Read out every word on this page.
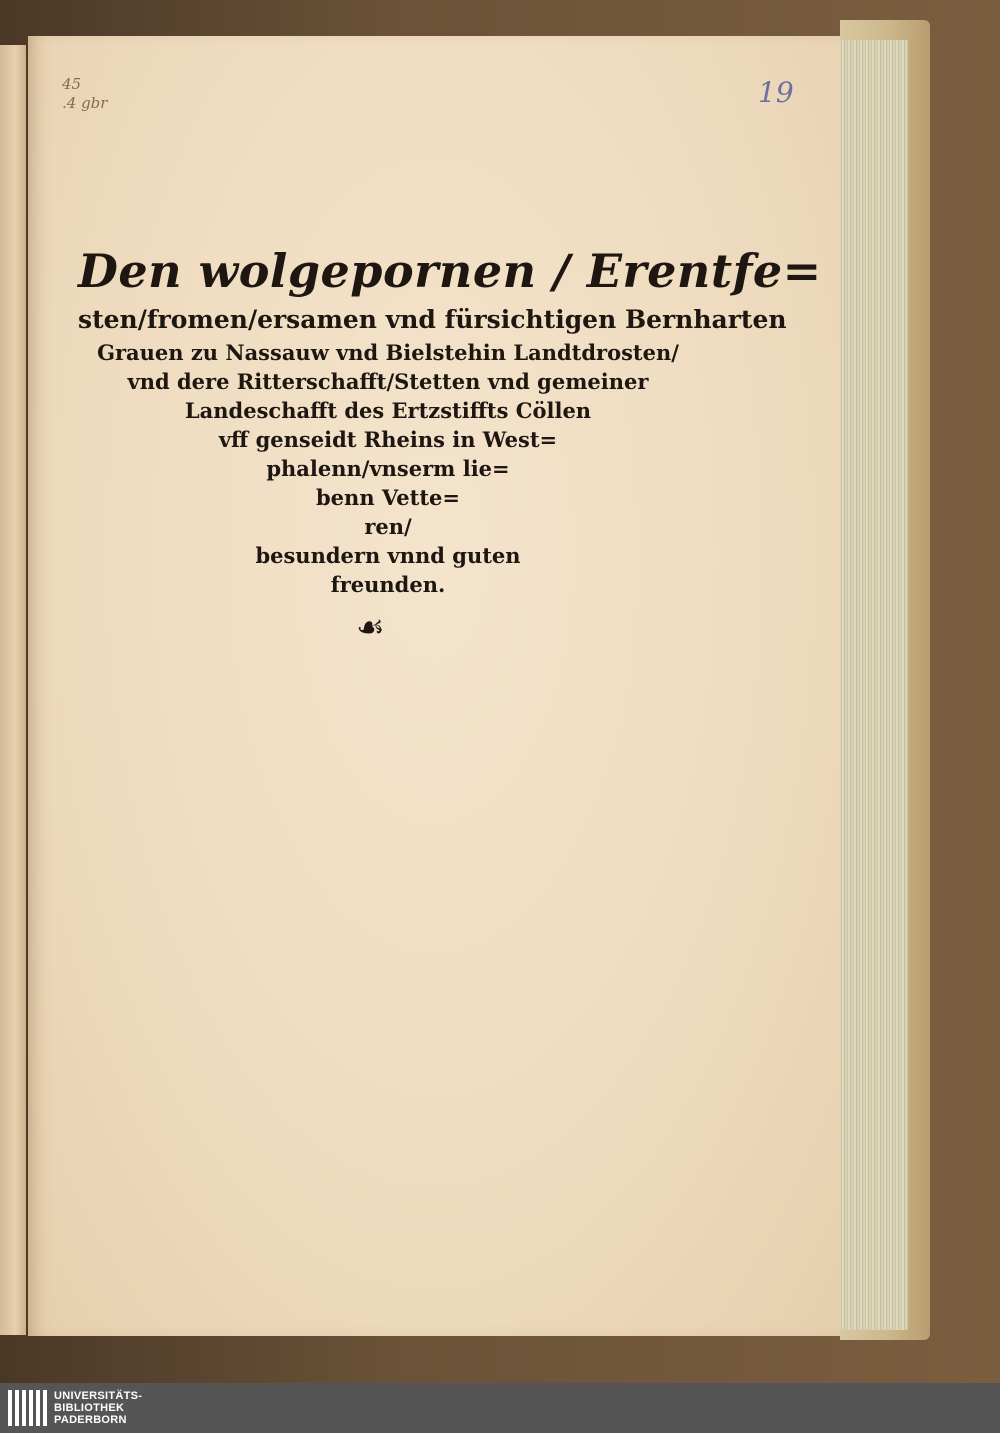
45
.4 gbr	19

Den wolgepornen / Erentfe=

sten/fromen/ersamen vnd fürsichtigen Bernharten

Grauen zu Nassauw vnd Bielstehin Landtdrosten/

vnd dere Ritterschafft/Stetten vnd gemeiner

Landeschafft des Ertzstiffts Cöllen

vff genseidt Rheins in West=

phalenn/vnserm lie=

benn Vette=

ren/

besundern vnnd guten

freunden.

☙
UNIVERSITÄTS-
BIBLIOTHEK
PADERBORN
